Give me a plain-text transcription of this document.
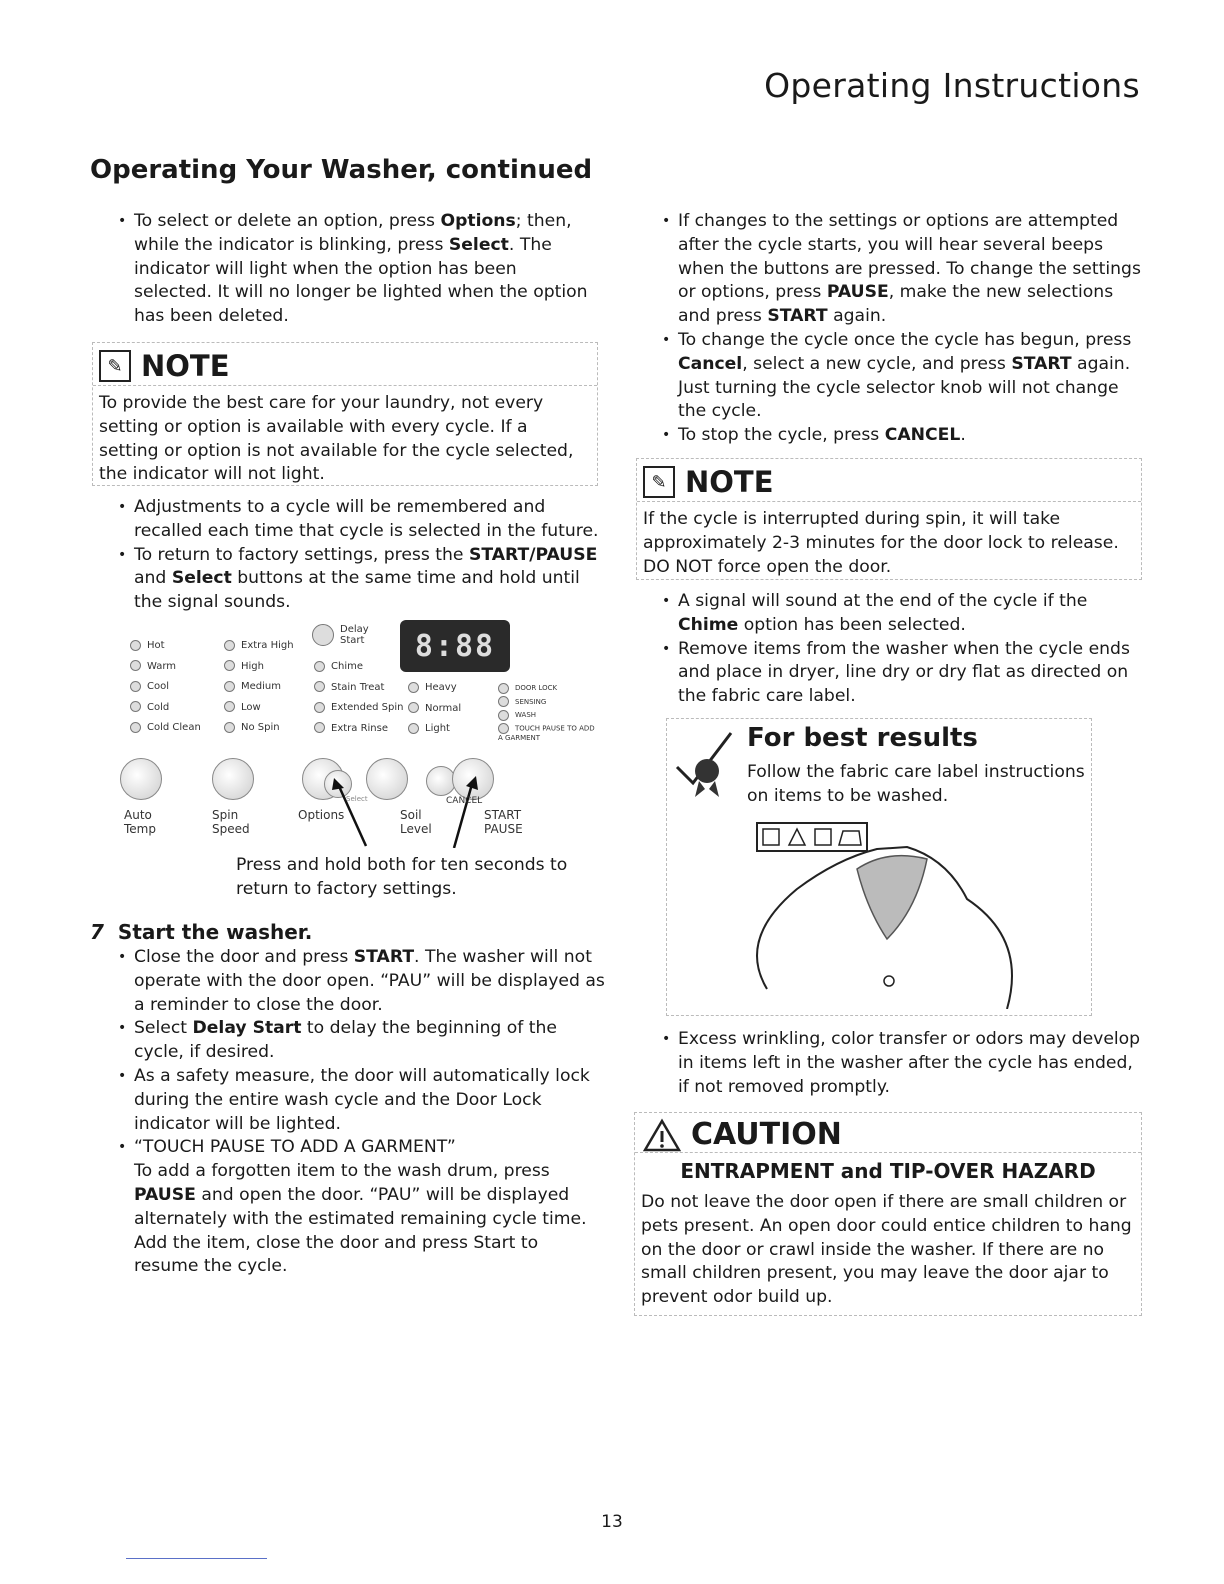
Operating Instructions
Operating Your Washer, continued
• To select or delete an option, press Options; then, while the indicator is blinking, press Select. The indicator will light when the option has been selected. It will no longer be lighted when the option has been deleted.
✎ NOTE
To provide the best care for your laundry, not every setting or option is available with every cycle. If a setting or option is not available for the cycle selected, the indicator will not light.
• Adjustments to a cycle will be remembered and recalled each time that cycle is selected in the future.
• To return to factory settings, press the START/PAUSE and Select buttons at the same time and hold until the signal sounds.
Hot
Warm
Cool
Cold
Cold Clean
Extra High
High
Medium
Low
No Spin
Delay Start
Chime
Stain Treat
Extended Spin
Extra Rinse
Heavy
Normal
Light
DOOR LOCK
SENSING
WASH
TOUCH PAUSE TO ADD A GARMENT
8:88
Auto Temp
Spin Speed
Options
Select
Soil Level
CANCEL
START PAUSE
Press and hold both for ten seconds to return to factory settings.
7 Start the washer.
• Close the door and press START. The washer will not operate with the door open. “PAU” will be displayed as a reminder to close the door.
• Select Delay Start to delay the beginning of the cycle, if desired.
• As a safety measure, the door will automatically lock during the entire wash cycle and the Door Lock indicator will be lighted.
• “TOUCH PAUSE TO ADD A GARMENT”
To add a forgotten item to the wash drum, press PAUSE and open the door. “PAU” will be displayed alternately with the estimated remaining cycle time. Add the item, close the door and press Start to resume the cycle.
• If changes to the settings or options are attempted after the cycle starts, you will hear several beeps when the buttons are pressed. To change the settings or options, press PAUSE, make the new selections and press START again.
• To change the cycle once the cycle has begun, press Cancel, select a new cycle, and press START again. Just turning the cycle selector knob will not change the cycle.
• To stop the cycle, press CANCEL.
✎ NOTE
If the cycle is interrupted during spin, it will take approximately 2-3 minutes for the door lock to release. DO NOT force open the door.
• A signal will sound at the end of the cycle if the Chime option has been selected.
• Remove items from the washer when the cycle ends and place in dryer, line dry or dry flat as directed on the fabric care label.
For best results
Follow the fabric care label instructions on items to be washed.
• Excess wrinkling, color transfer or odors may develop in items left in the washer after the cycle has ended, if not removed promptly.
CAUTION
ENTRAPMENT and TIP-OVER HAZARD
Do not leave the door open if there are small children or pets present. An open door could entice children to hang on the door or crawl inside the washer. If there are no small children present, you may leave the door ajar to prevent odor build up.
13
